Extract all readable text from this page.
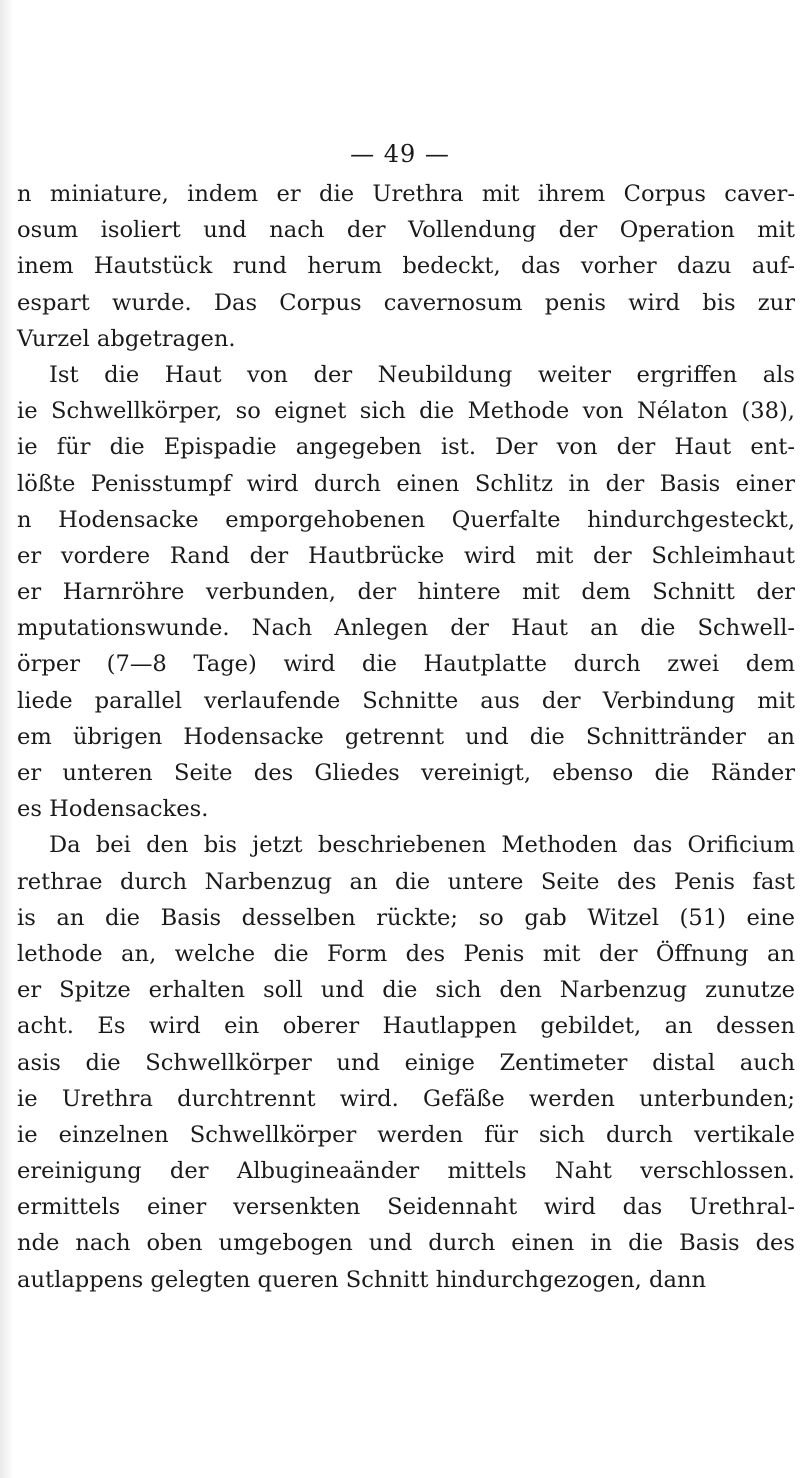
— 49 —
n miniature, indem er die Urethra mit ihrem Corpus caver-
osum isoliert und nach der Vollendung der Operation mit
inem Hautstück rund herum bedeckt, das vorher dazu auf-
espart wurde. Das Corpus cavernosum penis wird bis zur
Vurzel abgetragen.
Ist die Haut von der Neubildung weiter ergriffen als
ie Schwellkörper, so eignet sich die Methode von Nélaton (38),
ie für die Epispadie angegeben ist. Der von der Haut ent-
lößte Penisstumpf wird durch einen Schlitz in der Basis einer
n Hodensacke emporgehobenen Querfalte hindurchgesteckt,
er vordere Rand der Hautbrücke wird mit der Schleimhaut
er Harnröhre verbunden, der hintere mit dem Schnitt der
mputationswunde. Nach Anlegen der Haut an die Schwell-
örper (7—8 Tage) wird die Hautplatte durch zwei dem
liede parallel verlaufende Schnitte aus der Verbindung mit
em übrigen Hodensacke getrennt und die Schnittränder an
er unteren Seite des Gliedes vereinigt, ebenso die Ränder
es Hodensackes.
Da bei den bis jetzt beschriebenen Methoden das Orificium
rethrae durch Narbenzug an die untere Seite des Penis fast
is an die Basis desselben rückte; so gab Witzel (51) eine
lethode an, welche die Form des Penis mit der Öffnung an
er Spitze erhalten soll und die sich den Narbenzug zunutze
acht. Es wird ein oberer Hautlappen gebildet, an dessen
asis die Schwellkörper und einige Zentimeter distal auch
ie Urethra durchtrennt wird. Gefäße werden unterbunden;
ie einzelnen Schwellkörper werden für sich durch vertikale
ereinigung der Albugineaänder mittels Naht verschlossen.
ermittels einer versenkten Seidennaht wird das Urethral-
nde nach oben umgebogen und durch einen in die Basis des
autlappens gelegten queren Schnitt hindurchgezogen, dann
